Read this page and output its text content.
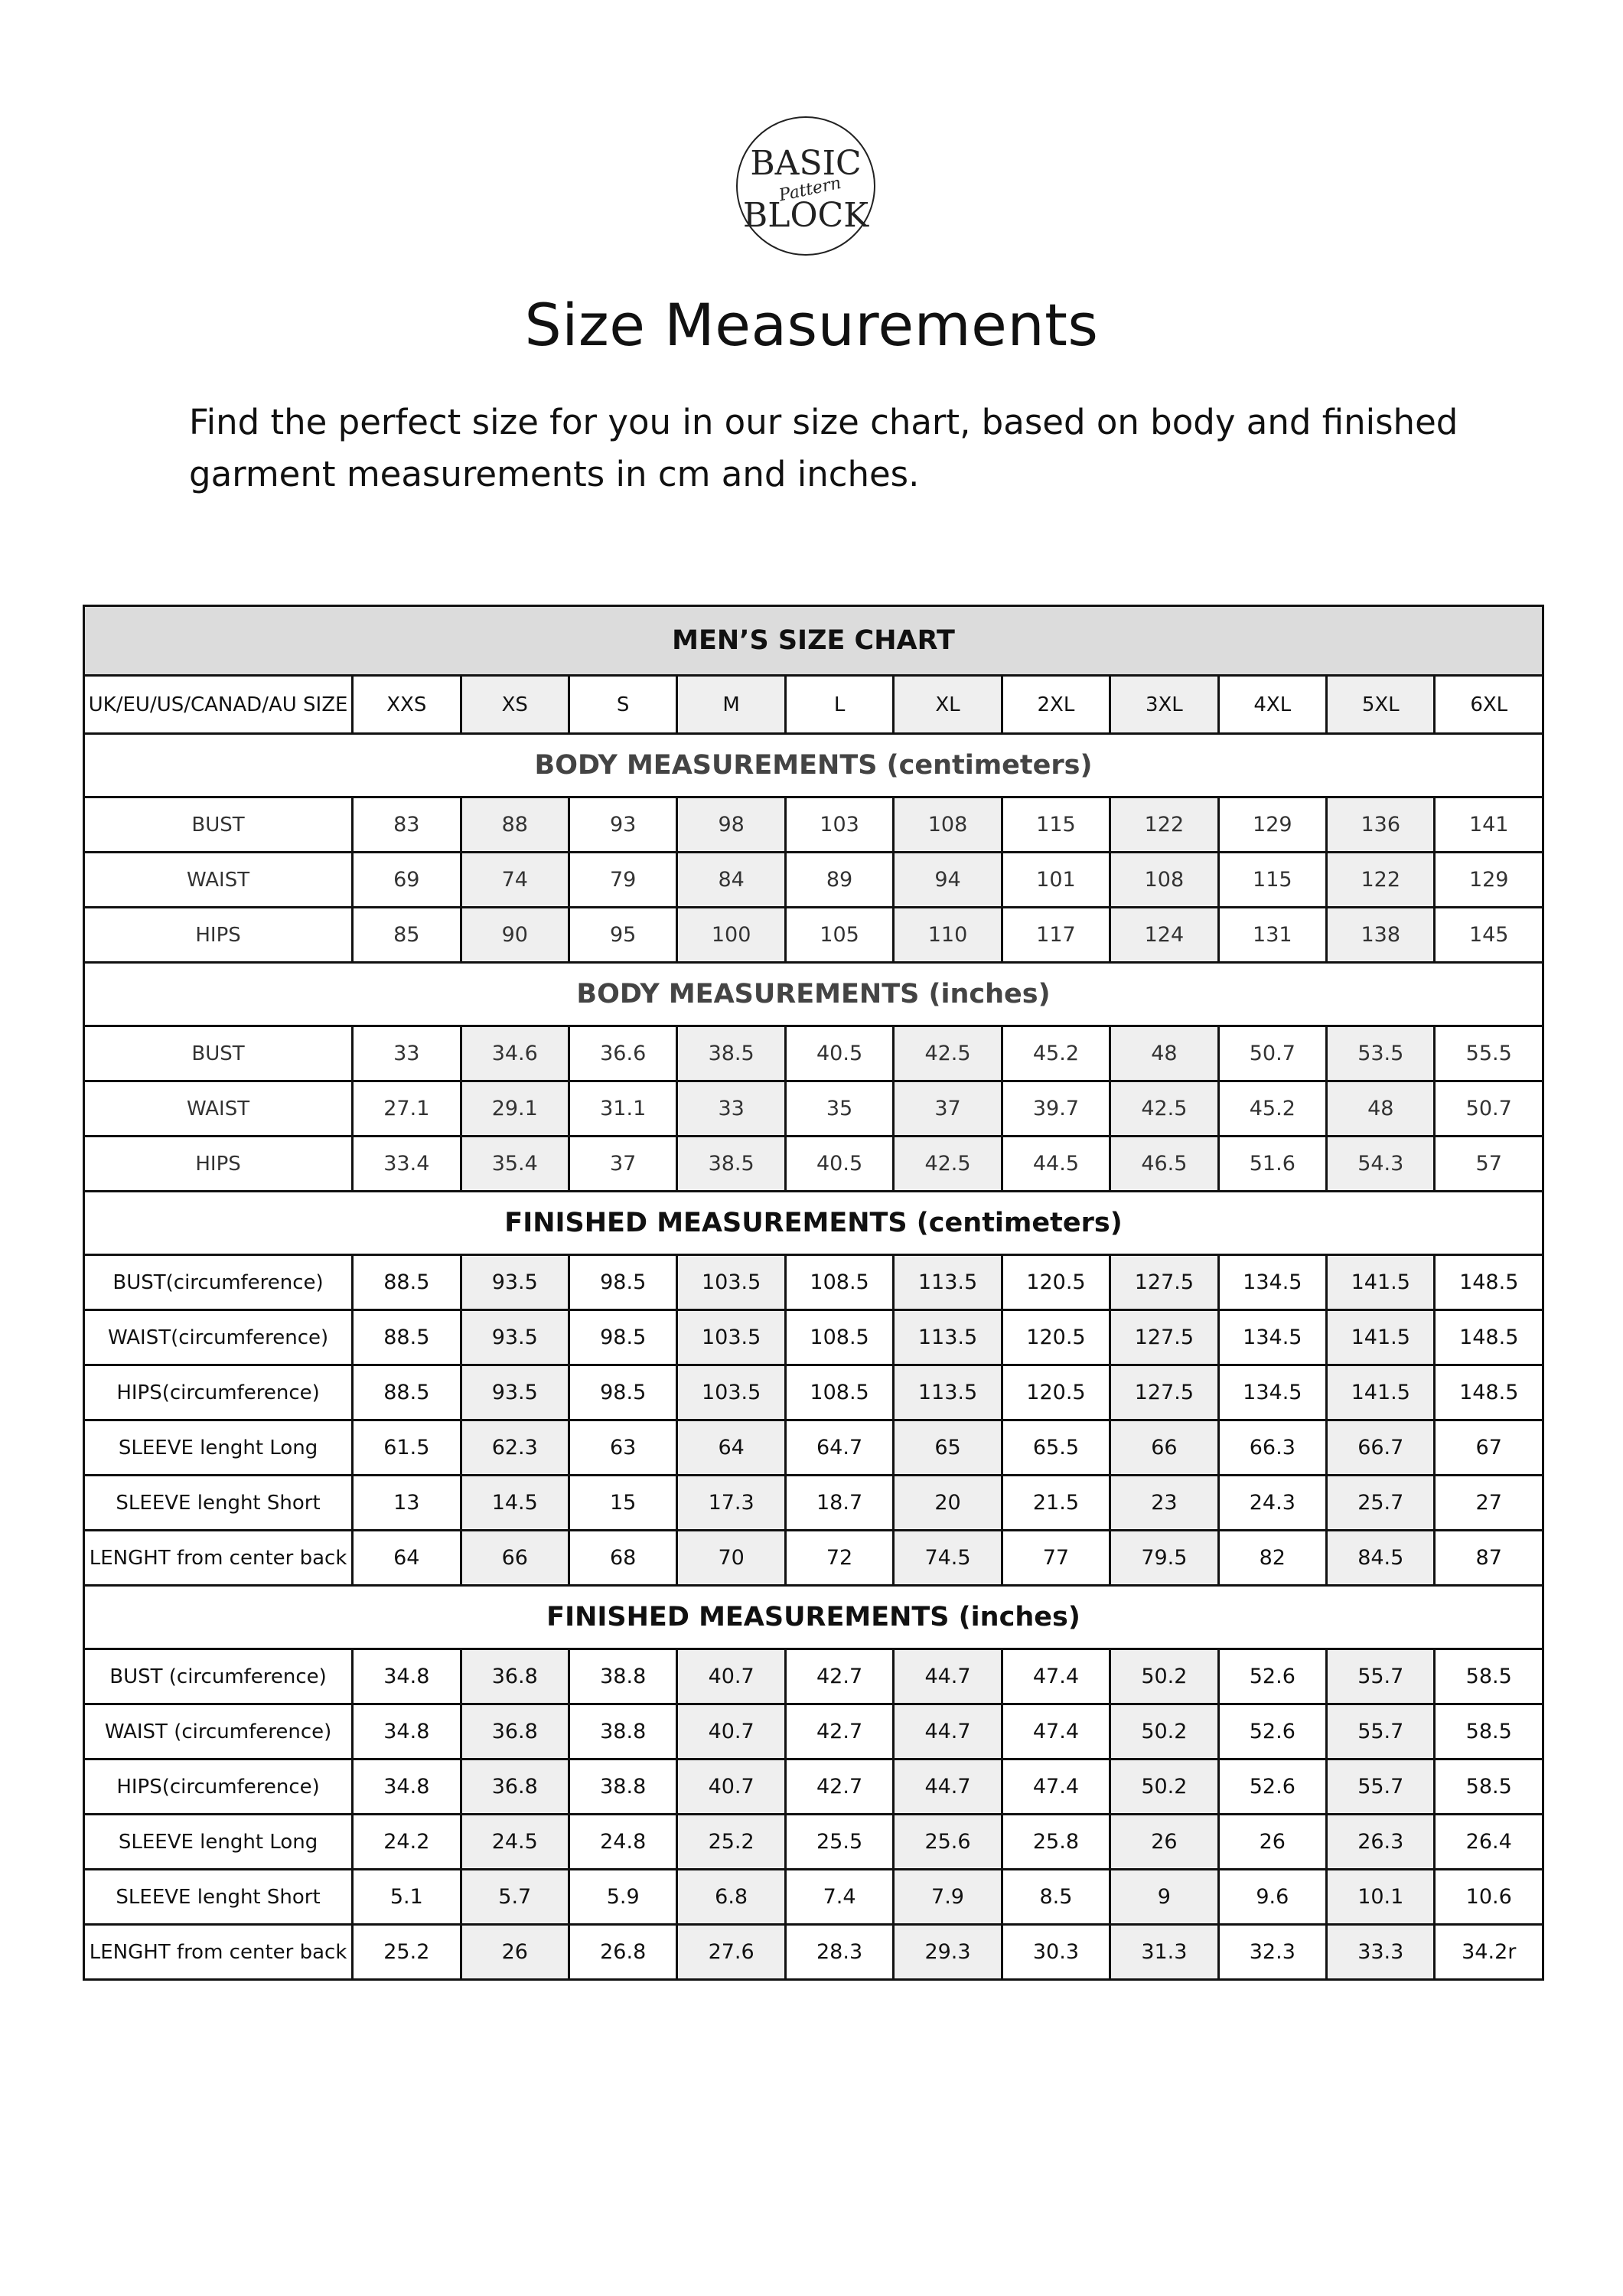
BASIC
Pattern
BLOCK
Size Measurements

Find the perfect size for you in our size chart, based on body and finished garment measurements in cm and inches.

MEN’S SIZE CHART											
UK/EU/US/CANAD/AU SIZE	XXS	XS	S	M	L	XL	2XL	3XL	4XL	5XL	6XL
BODY MEASUREMENTS (centimeters)											
BUST	83	88	93	98	103	108	115	122	129	136	141
WAIST	69	74	79	84	89	94	101	108	115	122	129
HIPS	85	90	95	100	105	110	117	124	131	138	145
BODY MEASUREMENTS (inches)											
BUST	33	34.6	36.6	38.5	40.5	42.5	45.2	48	50.7	53.5	55.5
WAIST	27.1	29.1	31.1	33	35	37	39.7	42.5	45.2	48	50.7
HIPS	33.4	35.4	37	38.5	40.5	42.5	44.5	46.5	51.6	54.3	57
FINISHED MEASUREMENTS (centimeters)											
BUST(circumference)	88.5	93.5	98.5	103.5	108.5	113.5	120.5	127.5	134.5	141.5	148.5
WAIST(circumference)	88.5	93.5	98.5	103.5	108.5	113.5	120.5	127.5	134.5	141.5	148.5
HIPS(circumference)	88.5	93.5	98.5	103.5	108.5	113.5	120.5	127.5	134.5	141.5	148.5
SLEEVE lenght Long	61.5	62.3	63	64	64.7	65	65.5	66	66.3	66.7	67
SLEEVE lenght Short	13	14.5	15	17.3	18.7	20	21.5	23	24.3	25.7	27
LENGHT from center back	64	66	68	70	72	74.5	77	79.5	82	84.5	87
FINISHED MEASUREMENTS (inches)											
BUST (circumference)	34.8	36.8	38.8	40.7	42.7	44.7	47.4	50.2	52.6	55.7	58.5
WAIST (circumference)	34.8	36.8	38.8	40.7	42.7	44.7	47.4	50.2	52.6	55.7	58.5
HIPS(circumference)	34.8	36.8	38.8	40.7	42.7	44.7	47.4	50.2	52.6	55.7	58.5
SLEEVE lenght Long	24.2	24.5	24.8	25.2	25.5	25.6	25.8	26	26	26.3	26.4
SLEEVE lenght Short	5.1	5.7	5.9	6.8	7.4	7.9	8.5	9	9.6	10.1	10.6
LENGHT from center back	25.2	26	26.8	27.6	28.3	29.3	30.3	31.3	32.3	33.3	34.2r
